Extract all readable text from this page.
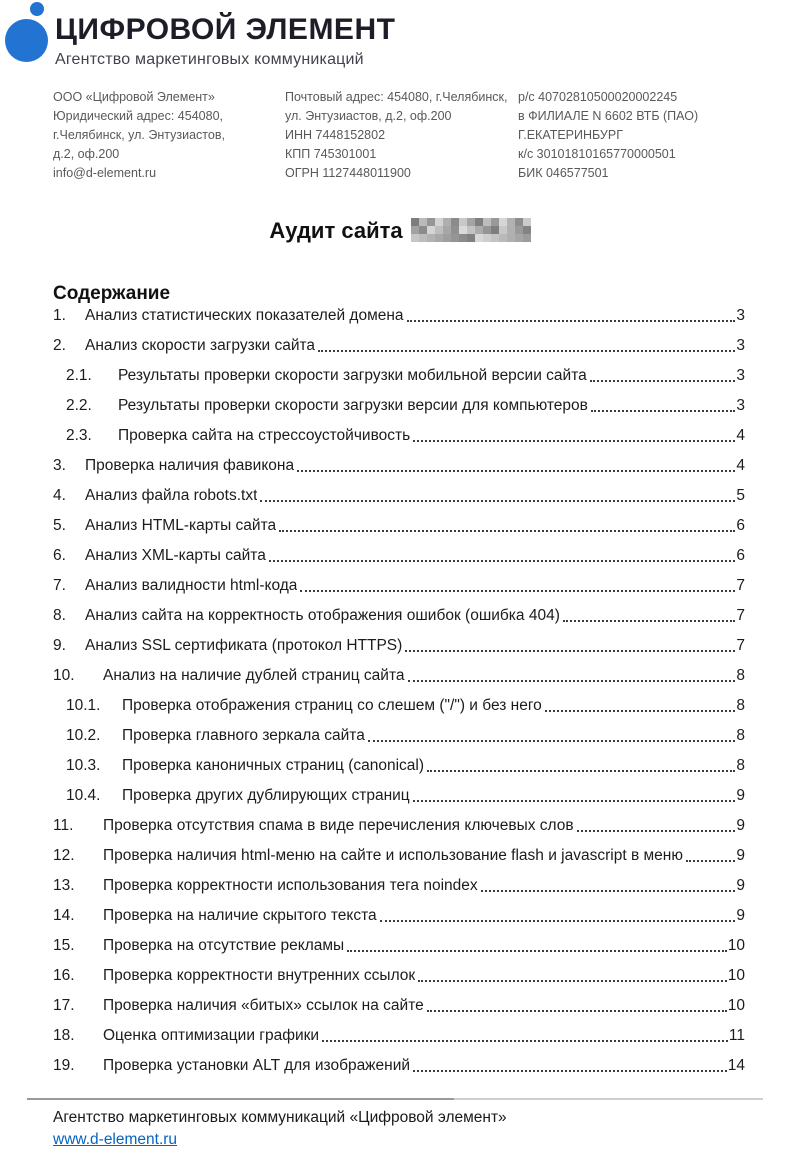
ЦИФРОВОЙ ЭЛЕМЕНТ
Агентство маркетинговых коммуникаций
ООО «Цифровой Элемент»
Юридический адрес: 454080,
г.Челябинск, ул. Энтузиастов,
д.2, оф.200
info@d-element.ru
Почтовый адрес: 454080, г.Челябинск,
ул. Энтузиастов, д.2, оф.200
ИНН 7448152802
КПП 745301001
ОГРН 1127448011900
р/с 40702810500020002245
в ФИЛИАЛЕ N 6602 ВТБ (ПАО)
Г.ЕКАТЕРИНБУРГ
к/с 30101810165770000501
БИК 046577501
Аудит сайта

Содержание
1.	Анализ статистических показателей домена	3
2.	Анализ скорости загрузки сайта	3
2.1.	Результаты проверки скорости загрузки мобильной версии сайта	3
2.2.	Результаты проверки скорости загрузки версии для компьютеров	3
2.3.	Проверка сайта на стрессоустойчивость	4
3.	Проверка наличия фавикона	4
4.	Анализ файла robots.txt	5
5.	Анализ HTML-карты сайта	6
6.	Анализ XML-карты сайта	6
7.	Анализ валидности html-кода	7
8.	Анализ сайта на корректность отображения ошибок (ошибка 404)	7
9.	Анализ SSL сертификата (протокол HTTPS)	7
10.	Анализ на наличие дублей страниц сайта	8
10.1.	Проверка отображения страниц со слешем ("/") и без него	8
10.2.	Проверка главного зеркала сайта	8
10.3.	Проверка каноничных страниц (canonical)	8
10.4.	Проверка других дублирующих страниц	9
11.	Проверка отсутствия спама в виде перечисления ключевых слов	9
12.	Проверка наличия html-меню на сайте и использование flash и javascript в меню	9
13.	Проверка корректности использования тега noindex	9
14.	Проверка на наличие скрытого текста	9
15.	Проверка на отсутствие рекламы	10
16.	Проверка корректности внутренних ссылок	10
17.	Проверка наличия «битых» ссылок на сайте	10
18.	Оценка оптимизации графики	11
19.	Проверка установки ALT для изображений	14
Агентство маркетинговых коммуникаций «Цифровой элемент»
www.d-element.ru
